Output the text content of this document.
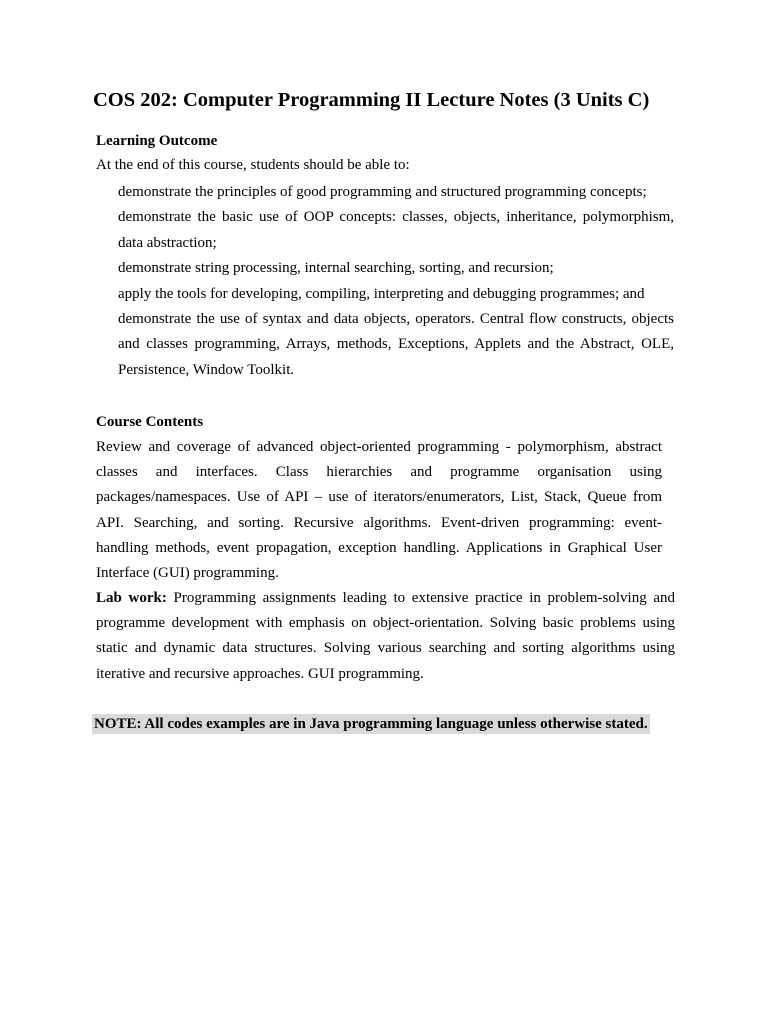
COS 202: Computer Programming II Lecture Notes (3 Units C)
Learning Outcome

At the end of this course, students should be able to:

demonstrate the principles of good programming and structured programming concepts;
demonstrate the basic use of OOP concepts: classes, objects, inheritance, polymorphism, data abstraction;
demonstrate string processing, internal searching, sorting, and recursion;
apply the tools for developing, compiling, interpreting and debugging programmes; and
demonstrate the use of syntax and data objects, operators. Central flow constructs, objects and classes programming, Arrays, methods, Exceptions, Applets and the Abstract, OLE, Persistence, Window Toolkit.
Course Contents

Review and coverage of advanced object-oriented programming - polymorphism, abstract classes and interfaces. Class hierarchies and programme organisation using packages/namespaces. Use of API – use of iterators/enumerators, List, Stack, Queue from API. Searching, and sorting. Recursive algorithms. Event-driven programming: event-handling methods, event propagation, exception handling. Applications in Graphical User Interface (GUI) programming.

Lab work: Programming assignments leading to extensive practice in problem-solving and programme development with emphasis on object-orientation. Solving basic problems using static and dynamic data structures. Solving various searching and sorting algorithms using iterative and recursive approaches. GUI programming.

NOTE: All codes examples are in Java programming language unless otherwise stated.
